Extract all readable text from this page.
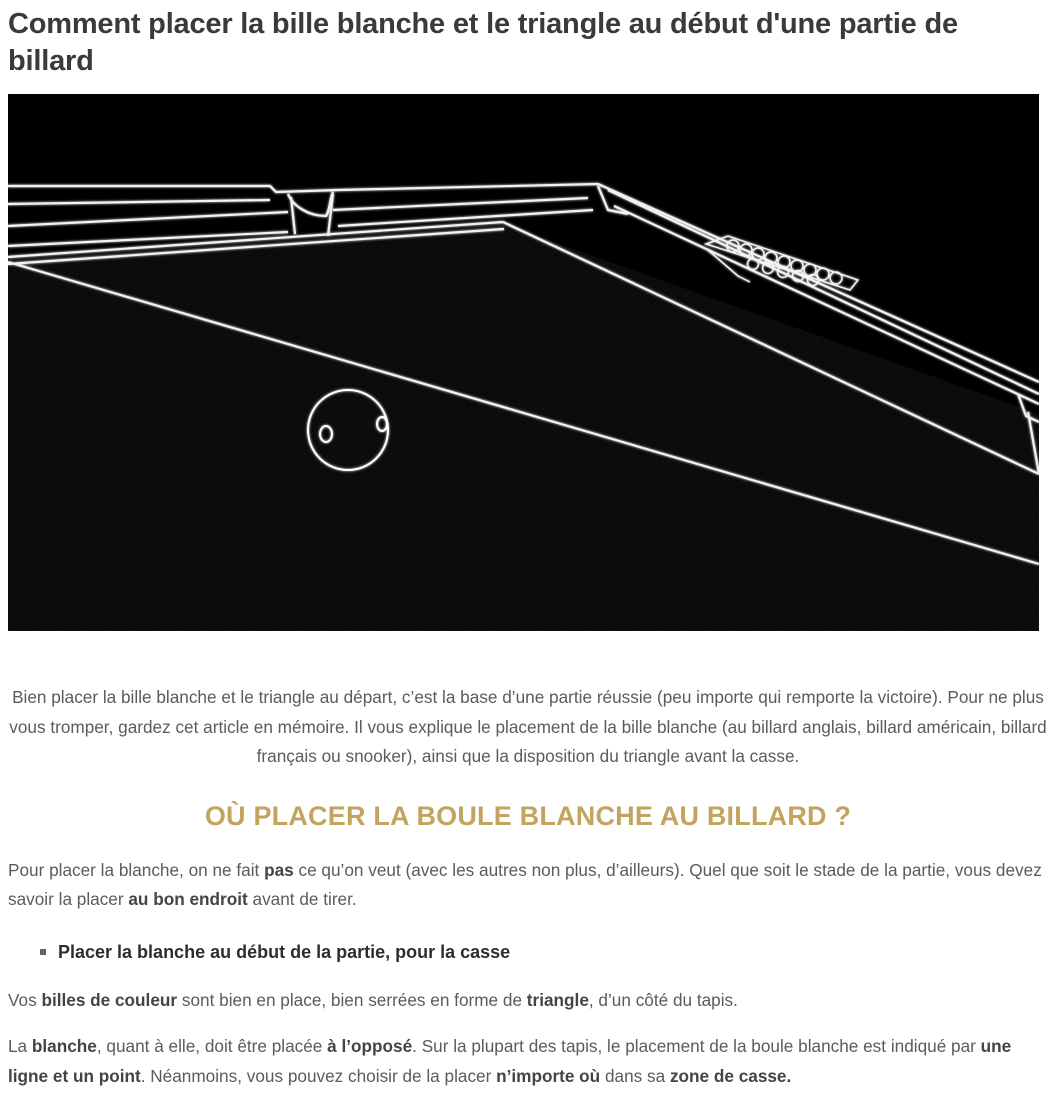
Comment placer la bille blanche et le triangle au début d'une partie de billard

Bien placer la bille blanche et le triangle au départ, c’est la base d’une partie réussie (peu importe qui remporte la victoire). Pour ne plus vous tromper, gardez cet article en mémoire. Il vous explique le placement de la bille blanche (au billard anglais, billard américain, billard français ou snooker), ainsi que la disposition du triangle avant la casse.

OÙ PLACER LA BOULE BLANCHE AU BILLARD ?

Pour placer la blanche, on ne fait pas ce qu’on veut (avec les autres non plus, d’ailleurs). Quel que soit le stade de la partie, vous devez savoir la placer au bon endroit avant de tirer.

Placer la blanche au début de la partie, pour la casse

Vos billes de couleur sont bien en place, bien serrées en forme de triangle, d’un côté du tapis.

La blanche, quant à elle, doit être placée à l’opposé. Sur la plupart des tapis, le placement de la boule blanche est indiqué par une ligne et un point. Néanmoins, vous pouvez choisir de la placer n’importe où dans sa zone de casse.
